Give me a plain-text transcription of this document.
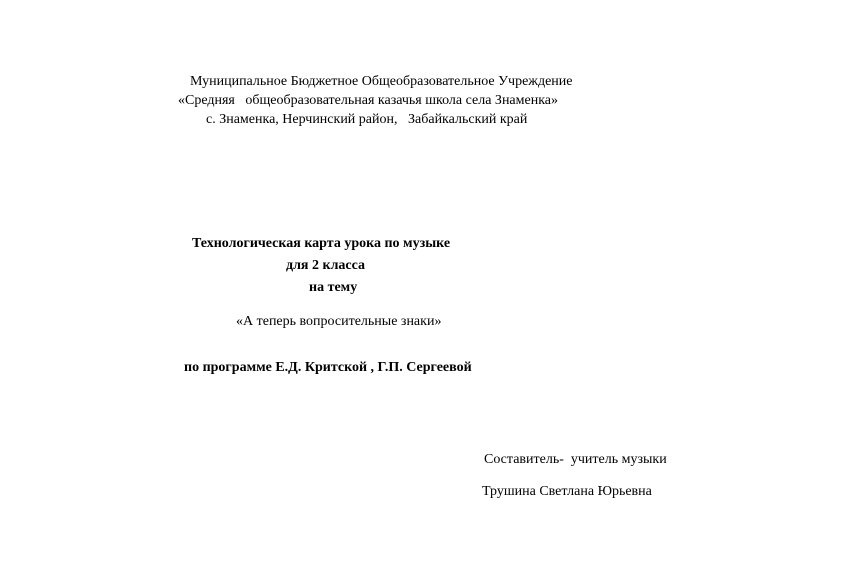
Муниципальное Бюджетное Общеобразовательное Учреждение
«Средняя   общеобразовательная казачья школа села Знаменка»
с. Знаменка, Нерчинский район,   Забайкальский край
Технологическая карта урока по музыке
для 2 класса
на тему
«А теперь вопросительные знаки»
по программе Е.Д. Критской , Г.П. Сергеевой
Составитель-  учитель музыки
Трушина Светлана Юрьевна
